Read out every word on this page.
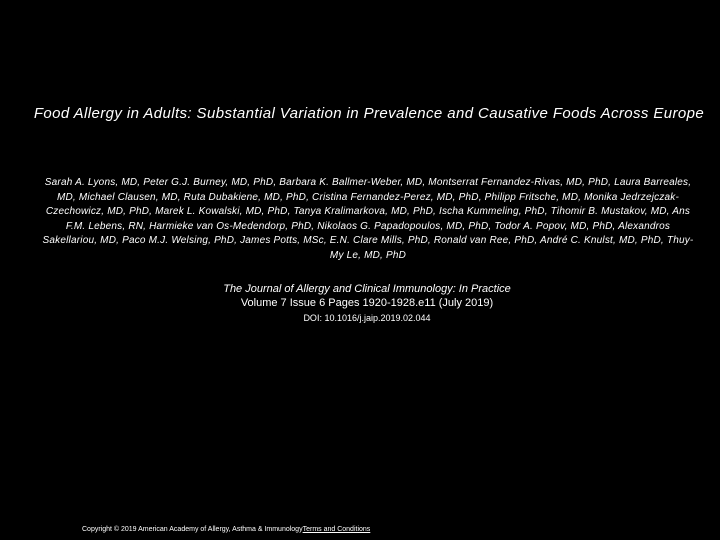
Food Allergy in Adults: Substantial Variation in Prevalence and Causative Foods Across Europe
Sarah A. Lyons, MD, Peter G.J. Burney, MD, PhD, Barbara K. Ballmer-Weber, MD, Montserrat Fernandez-Rivas, MD, PhD, Laura Barreales, MD, Michael Clausen, MD, Ruta Dubakiene, MD, PhD, Cristina Fernandez-Perez, MD, PhD, Philipp Fritsche, MD, Monika Jedrzejczak-Czechowicz, MD, PhD, Marek L. Kowalski, MD, PhD, Tanya Kralimarkova, MD, PhD, Ischa Kummeling, PhD, Tihomir B. Mustakov, MD, Ans F.M. Lebens, RN, Harmieke van Os-Medendorp, PhD, Nikolaos G. Papadopoulos, MD, PhD, Todor A. Popov, MD, PhD, Alexandros Sakellariou, MD, Paco M.J. Welsing, PhD, James Potts, MSc, E.N. Clare Mills, PhD, Ronald van Ree, PhD, André C. Knulst, MD, PhD, Thuy-My Le, MD, PhD
The Journal of Allergy and Clinical Immunology: In Practice
Volume 7 Issue 6 Pages 1920-1928.e11 (July 2019)
DOI: 10.1016/j.jaip.2019.02.044
Copyright © 2019 American Academy of Allergy, Asthma & ImmunologyTerms and Conditions
